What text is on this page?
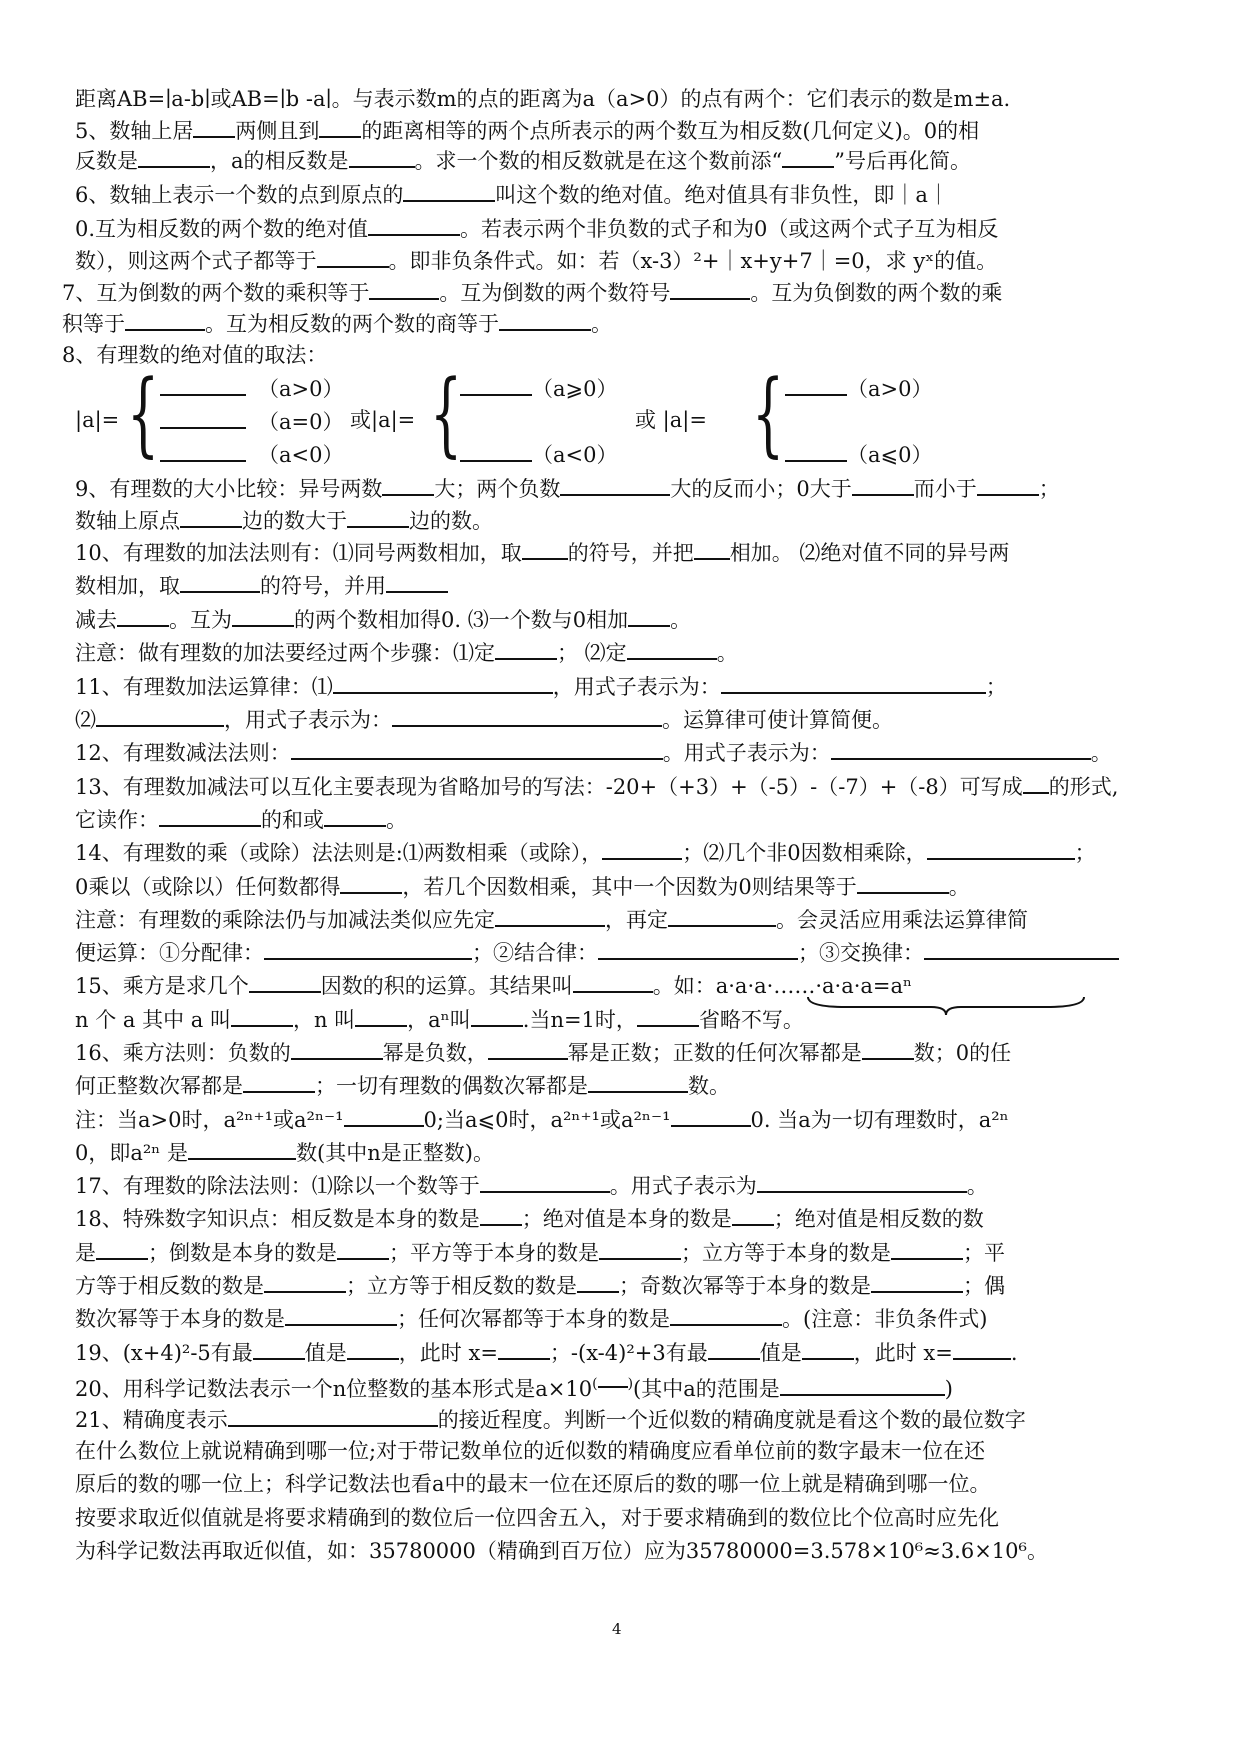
距离AB=∣a-b∣或AB=∣b -a∣。与表示数m的点的距离为a（a>0）的点有两个：它们表示的数是m±a.
5、数轴上居 两侧且到 的距离相等的两个点所表示的两个数互为相反数(几何定义)。0的相
反数是	，a的相反数是	。求一个数的相反数就是在这个数前添“ ”号后再化简。
6、数轴上表示一个数的点到原点的	叫这个数的绝对值。绝对值具有非负性，即｜a｜
0.互为相反数的两个数的绝对值	。若表示两个非负数的式子和为0（或这两个式子互为相反
数），则这两个式子都等于	。即非负条件式。如：若（x-3）²+｜x+y+7｜=0，求 yˣ的值。
7、互为倒数的两个数的乘积等于	。互为倒数的两个数符号	。互为负倒数的两个数的乘
积等于	。互为相反数的两个数的商等于	。
8、有理数的绝对值的取法：
|a|= {	（a>0）
（a=0）
（a<0）
或|a|= {	（a⩾0）
（a<0）
或 |a|= {	（a>0）
（a⩽0）
9、有理数的大小比较：异号两数 大；两个负数	大的反而小；0大于	而小于	；
数轴上原点	边的数大于	边的数。
10、有理数的加法法则有：⑴同号两数相加，取 的符号，并把 相加。 ⑵绝对值不同的异号两
数相加，取	的符号，并用
减去 。互为	的两个数相加得0. ⑶一个数与0相加 。
注意：做有理数的加法要经过两个步骤：⑴定	； ⑵定	。
11、有理数加法运算律：⑴	，用式子表示为：	；
⑵	，用式子表示为：	。运算律可使计算简便。
12、有理数减法法则：	。用式子表示为：	。
13、有理数加减法可以互化主要表现为省略加号的写法：-20+（+3）+（-5）-（-7）+（-8）可写成 的形式,
它读作：	的和或	。
14、有理数的乘（或除）法法则是:⑴两数相乘（或除），	；⑵几个非0因数相乘除，	；
0乘以（或除以）任何数都得	，若几个因数相乘，其中一个因数为0则结果等于	。
注意：有理数的乘除法仍与加减法类似应先定	，再定	。会灵活应用乘法运算律简
便运算：①分配律：	；②结合律：	；③交换律：
15、乘方是求几个	因数的积的运算。其结果叫	。如：a·a·a·……·a·a·a=aⁿ
n 个 a 其中 a 叫	，n 叫 ，aⁿ叫 .当n=1时，	省略不写。
16、乘方法则：负数的	幂是负数，	幂是正数；正数的任何次幂都是 数；0的任
何正整数次幂都是	；一切有理数的偶数次幂都是	数。
注：当a>0时，a²ⁿ⁺¹或a²ⁿ⁻¹	0;当a⩽0时，a²ⁿ⁺¹或a²ⁿ⁻¹	0. 当a为一切有理数时，a²ⁿ
0，即a²ⁿ 是	数(其中n是正整数)。
17、有理数的除法法则：⑴除以一个数等于	。用式子表示为	。
18、特殊数字知识点：相反数是本身的数是 ；绝对值是本身的数是 ；绝对值是相反数的数
是 ；倒数是本身的数是 ；平方等于本身的数是	；立方等于本身的数是	；平
方等于相反数的数是	；立方等于相反数的数是 ；奇数次幂等于本身的数是	；偶
数次幂等于本身的数是	；任何次幂都等于本身的数是	。(注意：非负条件式)
19、(x+4)²-5有最 值是 ，此时 x= ；-(x-4)²+3有最 值是 ，此时 x=	.
20、用科学记数法表示一个n位整数的基本形式是a×10( )(其中a的范围是	)
21、精确度表示	的接近程度。判断一个近似数的精确度就是看这个数的最位数字
在什么数位上就说精确到哪一位;对于带记数单位的近似数的精确度应看单位前的数字最末一位在还
原后的数的哪一位上；科学记数法也看a中的最末一位在还原后的数的哪一位上就是精确到哪一位。
按要求取近似值就是将要求精确到的数位后一位四舍五入，对于要求精确到的数位比个位高时应先化
为科学记数法再取近似值，如：35780000（精确到百万位）应为35780000=3.578×10⁶≈3.6×10⁶。
4
